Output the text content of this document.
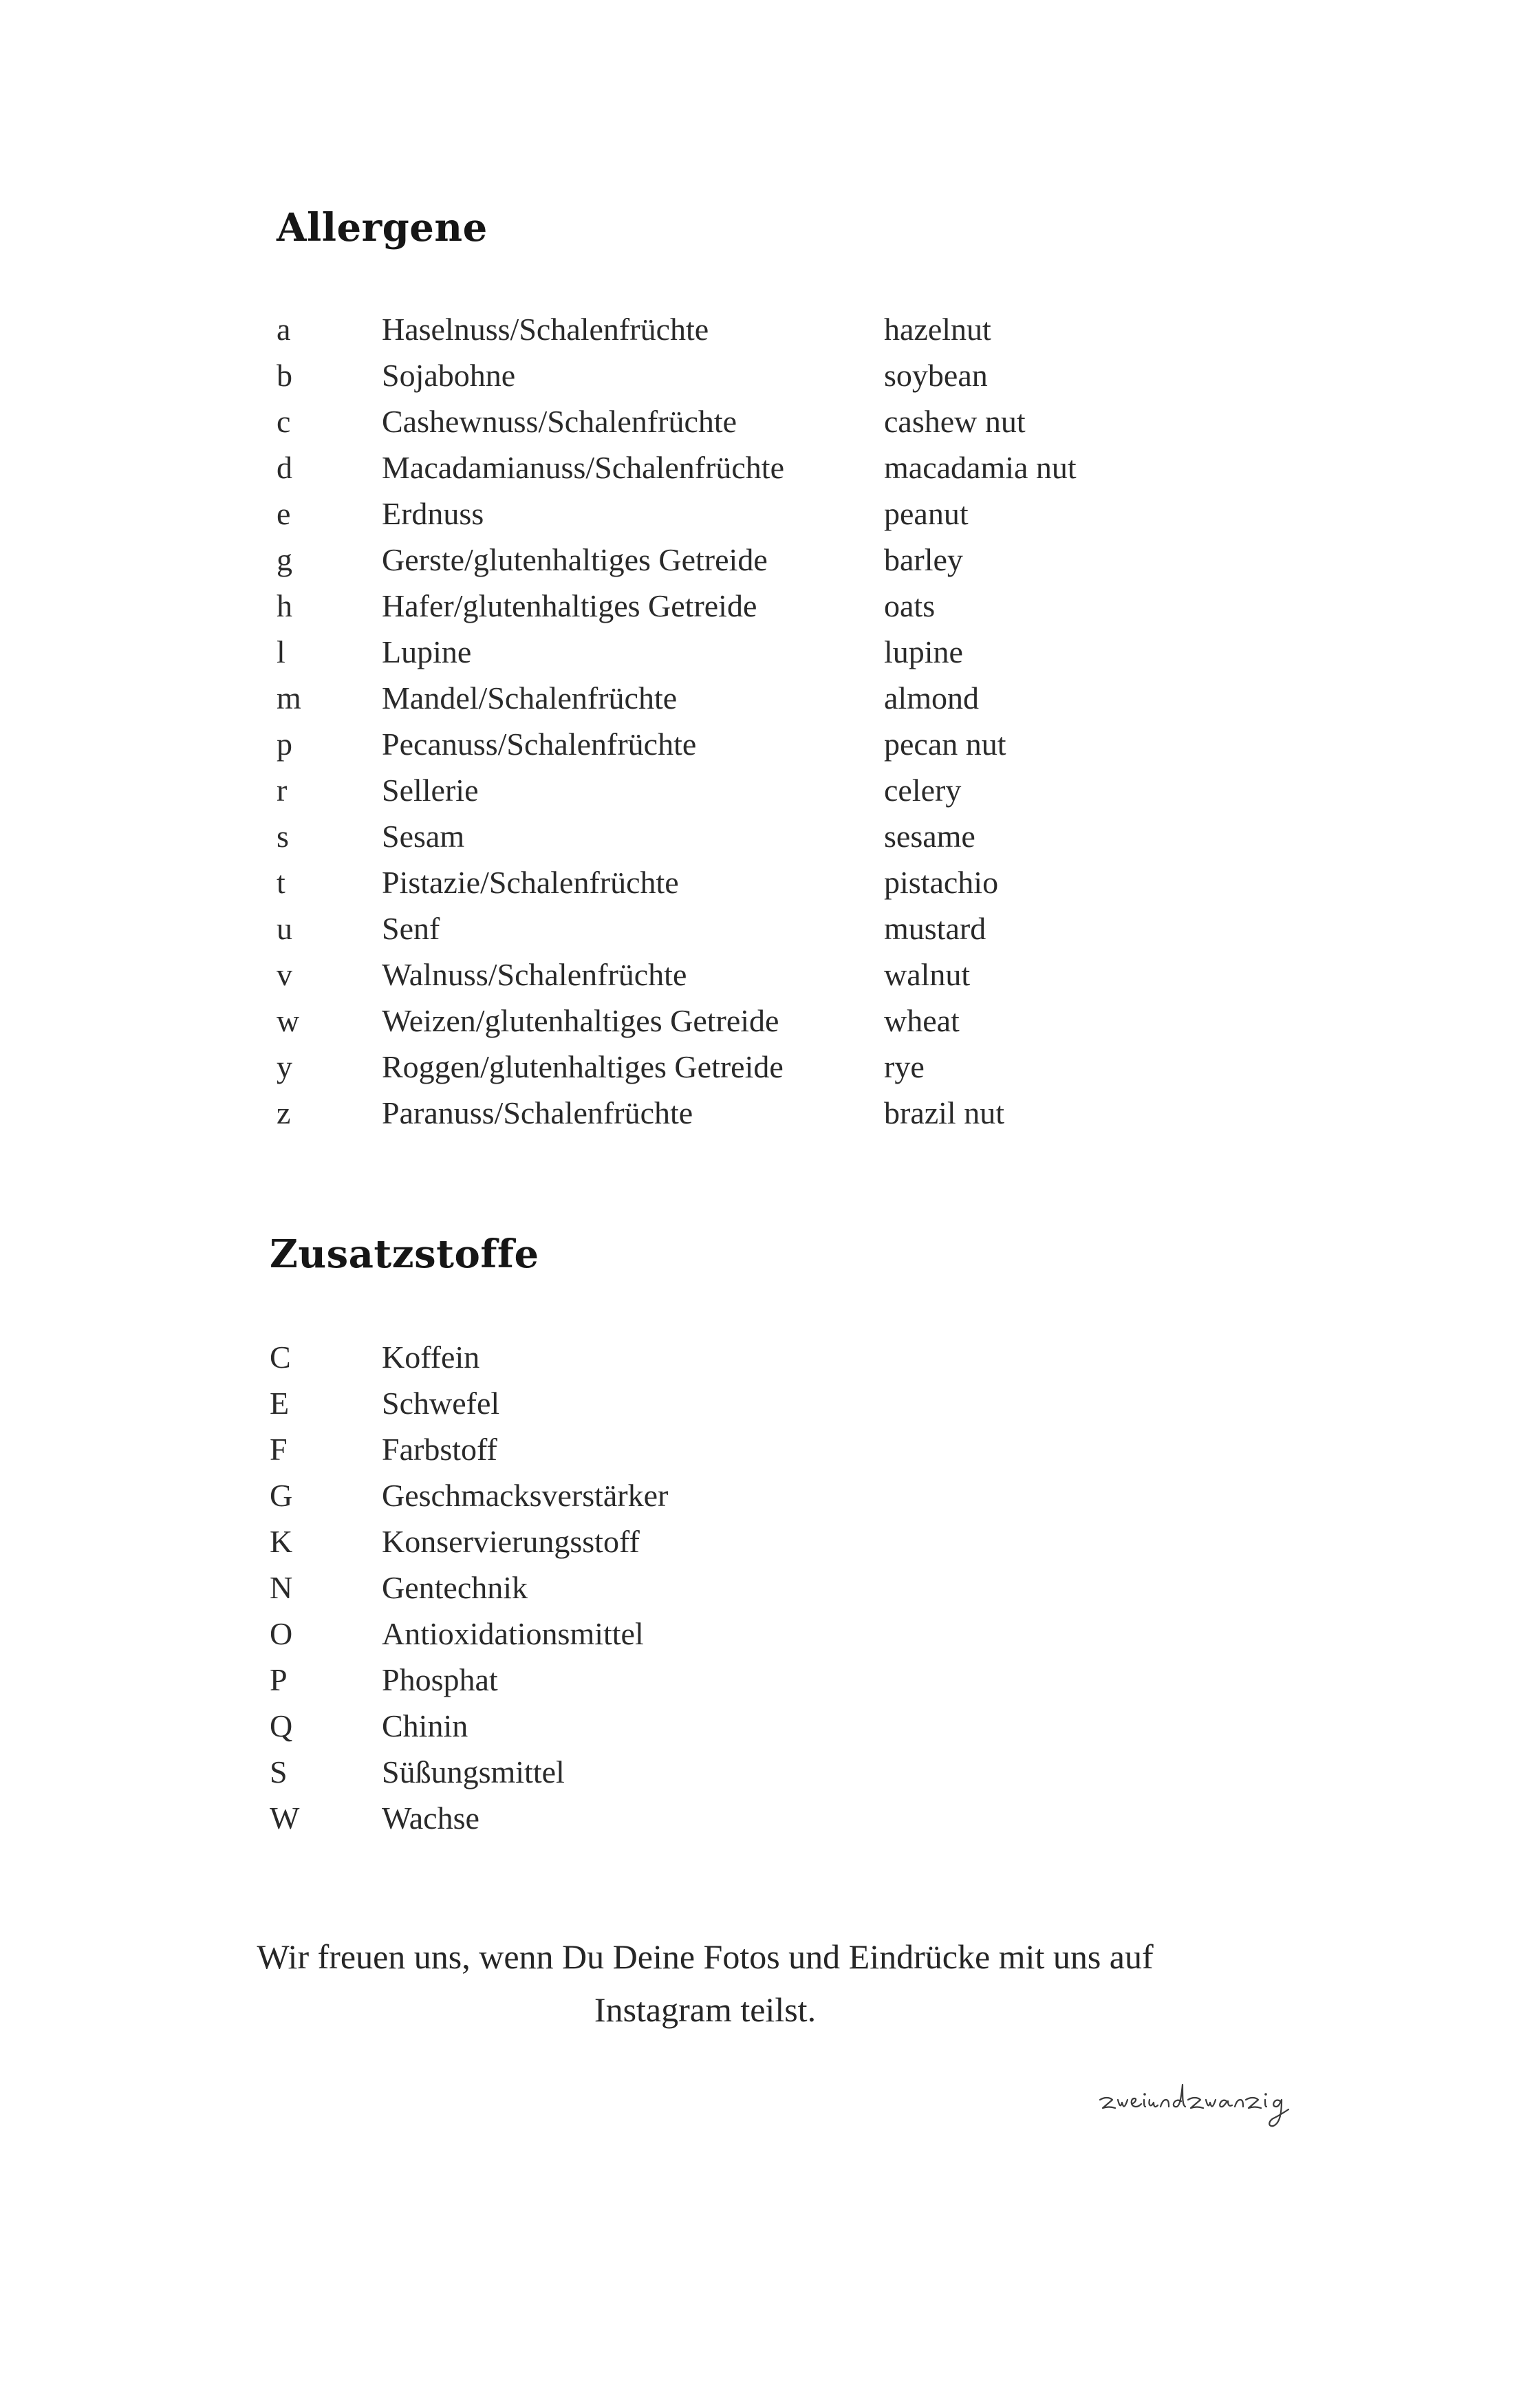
Allergene
a	Haselnuss/Schalenfrüchte	hazelnut
b	Sojabohne	soybean
c	Cashewnuss/Schalenfrüchte	cashew nut
d	Macadamianuss/Schalenfrüchte	macadamia nut
e	Erdnuss	peanut
g	Gerste/glutenhaltiges Getreide	barley
h	Hafer/glutenhaltiges Getreide	oats
l	Lupine	lupine
m	Mandel/Schalenfrüchte	almond
p	Pecanuss/Schalenfrüchte	pecan nut
r	Sellerie	celery
s	Sesam	sesame
t	Pistazie/Schalenfrüchte	pistachio
u	Senf	mustard
v	Walnuss/Schalenfrüchte	walnut
w	Weizen/glutenhaltiges Getreide	wheat
y	Roggen/glutenhaltiges Getreide	rye
z	Paranuss/Schalenfrüchte	brazil nut
Zusatzstoffe
C	Koffein
E	Schwefel
F	Farbstoff
G	Geschmacksverstärker
K	Konservierungsstoff
N	Gentechnik
O	Antioxidationsmittel
P	Phosphat
Q	Chinin
S	Süßungsmittel
W	Wachse

Wir freuen uns, wenn Du Deine Fotos und Eindrücke mit uns auf
Instagram teilst.
